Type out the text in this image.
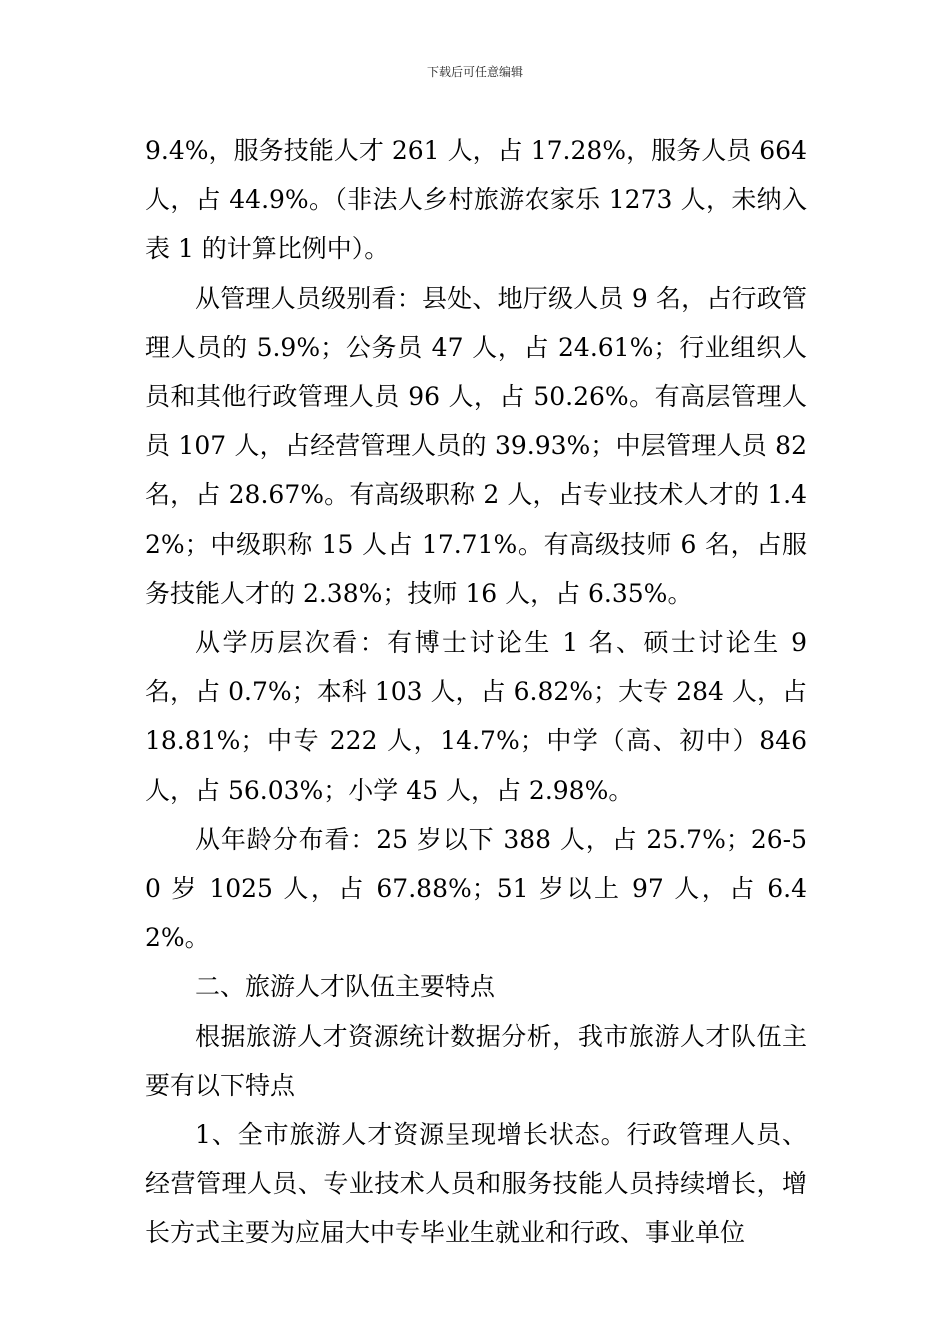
下载后可任意编辑

9.4%，服务技能人才 261 人，占 17.28%，服务人员 664 人，占 44.9%。（非法人乡村旅游农家乐 1273 人，未纳入表 1 的计算比例中）。

从管理人员级别看：县处、地厅级人员 9 名，占行政管理人员的 5.9%；公务员 47 人，占 24.61%；行业组织人员和其他行政管理人员 96 人，占 50.26%。有高层管理人员 107 人，占经营管理人员的 39.93%；中层管理人员 82 名，占 28.67%。有高级职称 2 人，占专业技术人才的 1.42%；中级职称 15 人占 17.71%。有高级技师 6 名，占服务技能人才的 2.38%；技师 16 人，占 6.35%。

从学历层次看：有博士讨论生 1 名、硕士讨论生 9 名，占 0.7%；本科 103 人，占 6.82%；大专 284 人，占 18.81%；中专 222 人，14.7%；中学（高、初中）846 人，占 56.03%；小学 45 人，占 2.98%。

从年龄分布看：25 岁以下 388 人，占 25.7%；26-50 岁 1025 人，占 67.88%；51 岁以上 97 人，占 6.42%。

二、旅游人才队伍主要特点

根据旅游人才资源统计数据分析，我市旅游人才队伍主要有以下特点

1、全市旅游人才资源呈现增长状态。行政管理人员、经营管理人员、专业技术人员和服务技能人员持续增长，增长方式主要为应届大中专毕业生就业和行政、事业单位
